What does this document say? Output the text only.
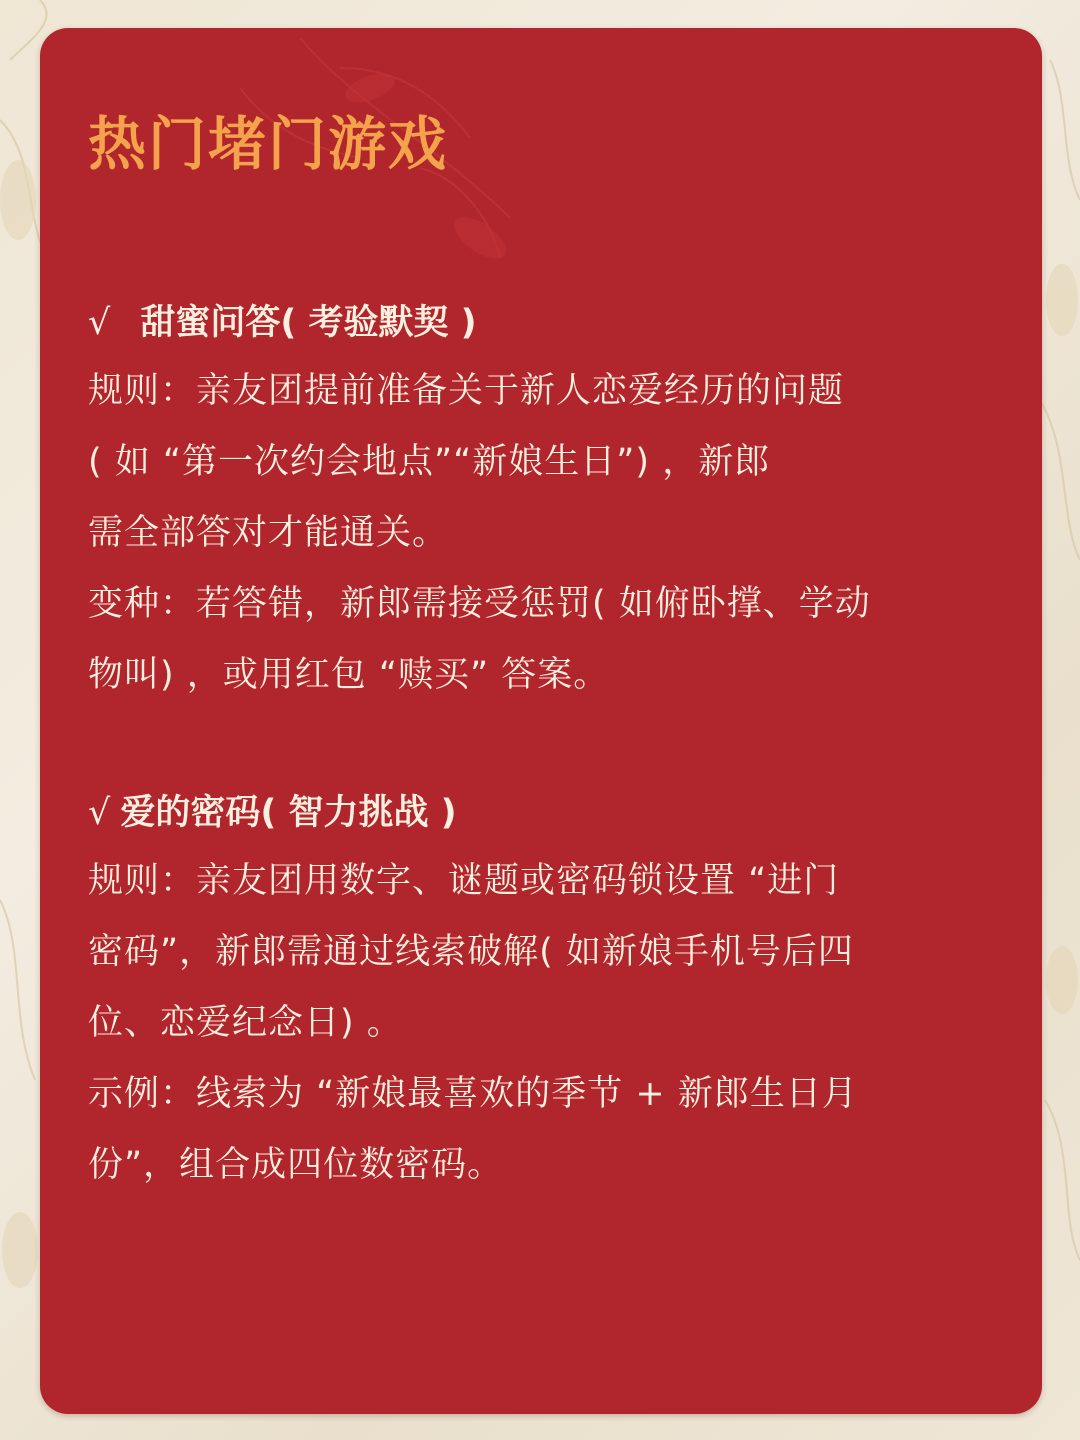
热门堵门游戏
√ 甜蜜问答( 考验默契 )

规则：亲友团提前准备关于新人恋爱经历的问题

( 如 “第一次约会地点”“新娘生日”) ，新郎

需全部答对才能通关。

变种：若答错，新郎需接受惩罚( 如俯卧撑、学动

物叫) ，或用红包 “赎买” 答案。

√ 爱的密码( 智力挑战 )

规则：亲友团用数字、谜题或密码锁设置 “进门

密码”，新郎需通过线索破解( 如新娘手机号后四

位、恋爱纪念日) 。

示例：线索为 “新娘最喜欢的季节 + 新郎生日月

份”，组合成四位数密码。
